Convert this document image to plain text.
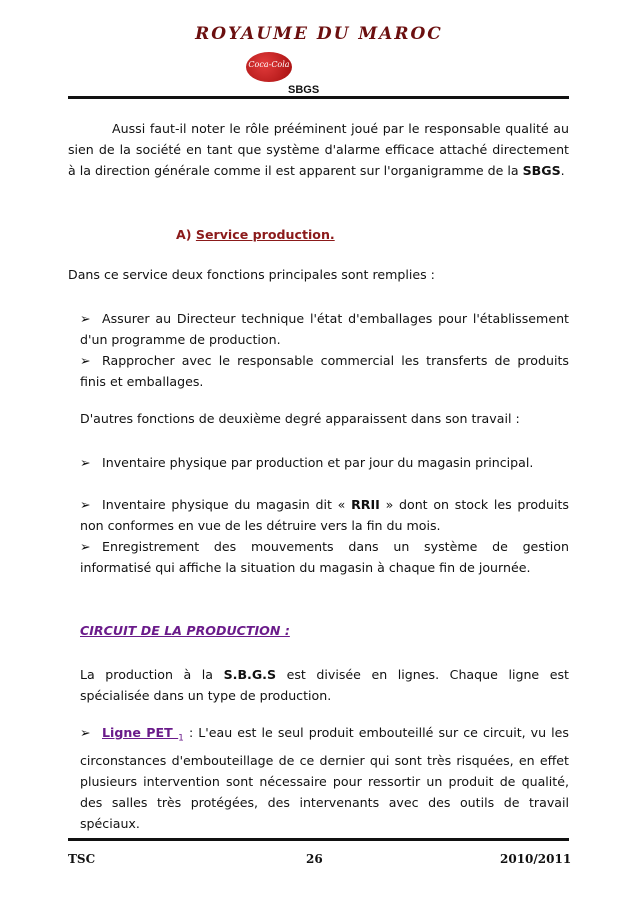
ROYAUME DU MAROC
Coca-Cola
SBGS
Aussi faut-il noter le rôle prééminent joué par le responsable qualité au sien de la société en tant que système d'alarme efficace attaché directement à la direction générale comme il est apparent sur l'organigramme de la SBGS.
A) Service production.
Dans ce service deux fonctions principales sont remplies :
➢ Assurer au Directeur technique l'état d'emballages pour l'établissement d'un programme de production.
➢ Rapprocher avec le responsable commercial les transferts de produits finis et emballages.
D'autres fonctions de deuxième degré apparaissent dans son travail :
➢ Inventaire physique par production et par jour du magasin principal.
➢ Inventaire physique du magasin dit « RRII » dont on stock les produits non conformes en vue de les détruire vers la fin du mois.
➢ Enregistrement des mouvements dans un système de gestion informatisé qui affiche la situation du magasin à chaque fin de journée.
CIRCUIT DE LA PRODUCTION :
La production à la S.B.G.S est divisée en lignes. Chaque ligne est spécialisée dans un type de production.
➢ Ligne PET $_1$ : L'eau est le seul produit embouteillé sur ce circuit, vu les circonstances d'embouteillage de ce dernier qui sont très risquées, en effet plusieurs intervention sont nécessaire pour ressortir un produit de qualité, des salles très protégées, des intervenants avec des outils de travail spéciaux.
TSC	26	2010/2011
